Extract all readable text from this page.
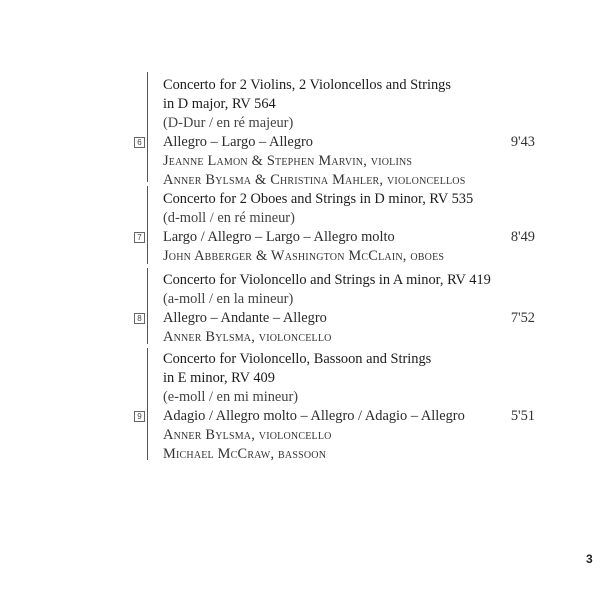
Concerto for 2 Violins, 2 Violoncellos and Strings
in D major, RV 564
(D-Dur / en ré majeur)
6 Allegro – Largo – Allegro	9'43
Jeanne Lamon & Stephen Marvin, violins
Anner Bylsma & Christina Mahler, violoncellos
Concerto for 2 Oboes and Strings in D minor, RV 535
(d-moll / en ré mineur)
7 Largo / Allegro – Largo – Allegro molto	8'49
John Abberger & Washington McClain, oboes
Concerto for Violoncello and Strings in A minor, RV 419
(a-moll / en la mineur)
8 Allegro – Andante – Allegro	7'52
Anner Bylsma, violoncello
Concerto for Violoncello, Bassoon and Strings
in E minor, RV 409
(e-moll / en mi mineur)
9 Adagio / Allegro molto – Allegro / Adagio – Allegro	5'51
Anner Bylsma, violoncello
Michael McCraw, bassoon
3
